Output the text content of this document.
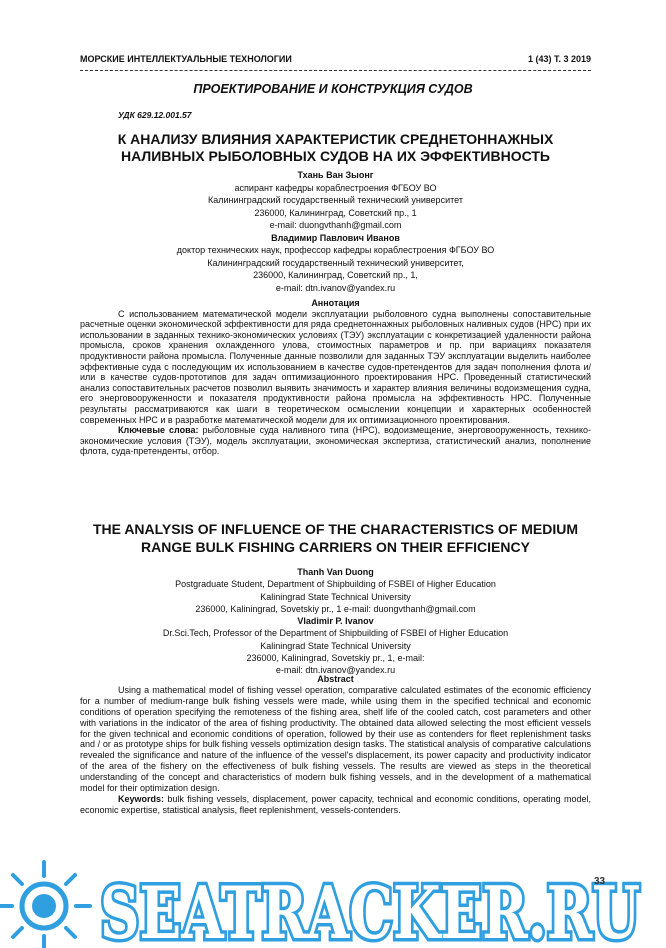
МОРСКИЕ ИНТЕЛЛЕКТУАЛЬНЫЕ ТЕХНОЛОГИИ	1 (43) Т. 3 2019
ПРОЕКТИРОВАНИЕ И КОНСТРУКЦИЯ СУДОВ
УДК 629.12.001.57
К АНАЛИЗУ ВЛИЯНИЯ ХАРАКТЕРИСТИК СРЕДНЕТОННАЖНЫХ
НАЛИВНЫХ РЫБОЛОВНЫХ СУДОВ НА ИХ ЭФФЕКТИВНОСТЬ
Тхань Ван Зыонг
аспирант кафедры кораблестроения ФГБОУ ВО
Калининградский государственный технический университет
236000, Калининград, Советский пр., 1
e-mail: duongvthanh@gmail.com
Владимир Павлович Иванов
доктор технических наук, профессор кафедры кораблестроения ФГБОУ ВО
Калининградский государственный технический университет,
236000, Калининград, Советский пр., 1,
e-mail: dtn.ivanov@yandex.ru
Аннотация

С использованием математической модели эксплуатации рыболовного судна выполнены сопоставительные расчетные оценки экономической эффективности для ряда среднетоннажных рыболовных наливных судов (НРС) при их использовании в заданных технико-экономических условиях (ТЭУ) эксплуатации с конкретизацией удаленности района промысла, сроков хранения охлажденного улова, стоимостных параметров и пр. при вариациях показателя продуктивности района промысла. Полученные данные позволили для заданных ТЭУ эксплуатации выделить наиболее эффективные суда с последующим их использованием в качестве судов-претендентов для задач пополнения флота и/или в качестве судов-прототипов для задач оптимизационного проектирования НРС. Проведенный статистический анализ сопоставительных расчетов позволил выявить значимость и характер влияния величины водоизмещения судна, его энерговооруженности и показателя продуктивности района промысла на эффективность НРС. Полученные результаты рассматриваются как шаги в теоретическом осмыслении концепции и характерных особенностей современных НРС и в разработке математической модели для их оптимизационного проектирования.

Ключевые слова: рыболовные суда наливного типа (НРС), водоизмещение, энерговооруженность, технико-экономические условия (ТЭУ), модель эксплуатации, экономическая экспертиза, статистический анализ, пополнение флота, суда-претенденты, отбор.

THE ANALYSIS OF INFLUENCE OF THE CHARACTERISTICS OF MEDIUM
RANGE BULK FISHING CARRIERS ON THEIR EFFICIENCY
Thanh Van Duong
Postgraduate Student, Department of Shipbuilding of FSBEI of Higher Education
Kaliningrad State Technical University
236000, Kaliningrad, Sovetskiy pr., 1 e-mail: duongvthanh@gmail.com
Vladimir P. Ivanov
Dr.Sci.Tech, Professor of the Department of Shipbuilding of FSBEI of Higher Education
Kaliningrad State Technical University
236000, Kaliningrad, Sovetskiy pr., 1, e-mail:
e-mail: dtn.ivanov@yandex.ru
Abstract

Using a mathematical model of fishing vessel operation, comparative calculated estimates of the economic efficiency for a number of medium-range bulk fishing vessels were made, while using them in the specified technical and economic conditions of operation specifying the remoteness of the fishing area, shelf life of the cooled catch, cost parameters and other with variations in the indicator of the area of fishing productivity. The obtained data allowed selecting the most efficient vessels for the given technical and economic conditions of operation, followed by their use as contenders for fleet replenishment tasks and / or as prototype ships for bulk fishing vessels optimization design tasks. The statistical analysis of comparative calculations revealed the significance and nature of the influence of the vessel's displacement, its power capacity and productivity indicator of the area of the fishery on the effectiveness of bulk fishing vessels. The results are viewed as steps in the theoretical understanding of the concept and characteristics of modern bulk fishing vessels, and in the development of a mathematical model for their optimization design.

Keywords: bulk fishing vessels, displacement, power capacity, technical and economic conditions, operating model, economic expertise, statistical analysis, fleet replenishment, vessels-contenders.

SEATRACKER.RU
33
